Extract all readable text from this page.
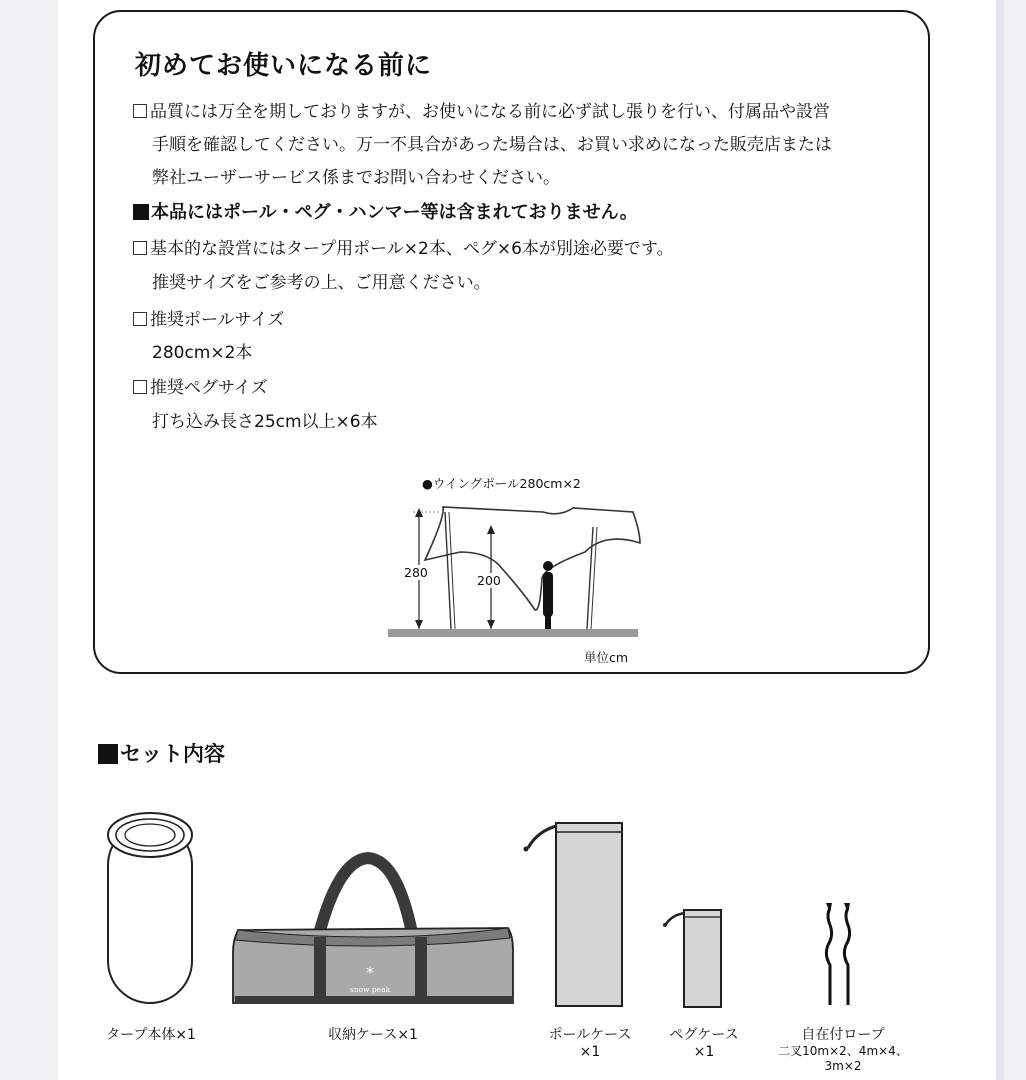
初めてお使いになる前に
品質には万全を期しておりますが、お使いになる前に必ず試し張りを行い、付属品や設営
手順を確認してください。万一不具合があった場合は、お買い求めになった販売店または
弊社ユーザーサービス係までお問い合わせください。
本品にはポール・ペグ・ハンマー等は含まれておりません。
基本的な設営にはタープ用ポール×2本、ペグ×6本が別途必要です。
推奨サイズをご参考の上、ご用意ください。
推奨ポールサイズ
280cm×2本
推奨ペグサイズ
打ち込み長さ25cm以上×6本
●ウイングポール280cm×2
280
200
単位cm
セット内容
*
snow peak
タープ本体×1	収納ケース×1	ポールケース
×1
ペグケース
×1
自在付ロープ
二叉10m×2、4m×4、
3m×2
